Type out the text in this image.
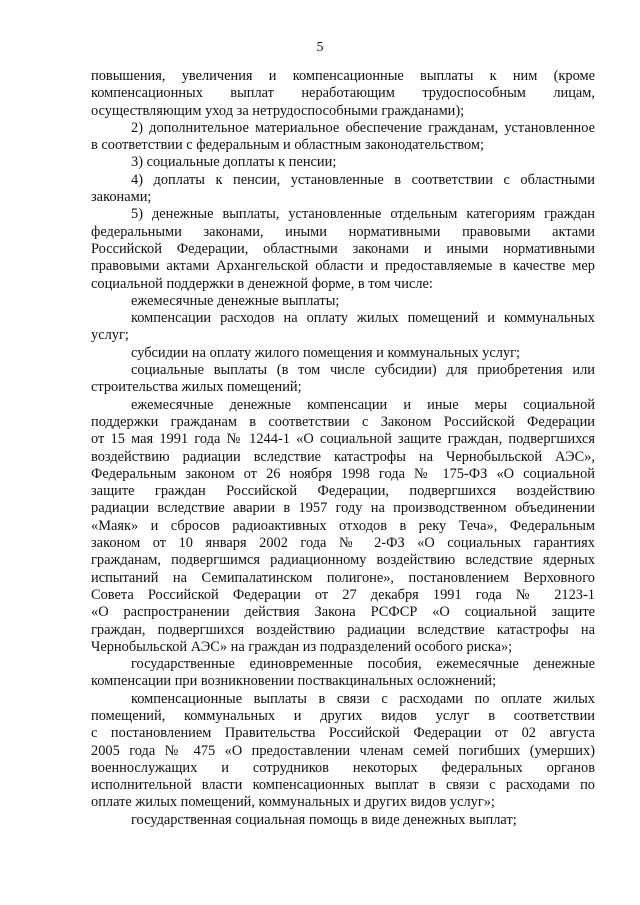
5
повышения, увеличения и компенсационные выплаты к ним (кроме
компенсационных выплат неработающим трудоспособным лицам,
осуществляющим уход за нетрудоспособными гражданами);
2) дополнительное материальное обеспечение гражданам, установленное
в соответствии с федеральным и областным законодательством;
3) социальные доплаты к пенсии;
4) доплаты к пенсии, установленные в соответствии с областными
законами;
5) денежные выплаты, установленные отдельным категориям граждан
федеральными законами, иными нормативными правовыми актами
Российской Федерации, областными законами и иными нормативными
правовыми актами Архангельской области и предоставляемые в качестве мер
социальной поддержки в денежной форме, в том числе:
ежемесячные денежные выплаты;
компенсации расходов на оплату жилых помещений и коммунальных
услуг;
субсидии на оплату жилого помещения и коммунальных услуг;
социальные выплаты (в том числе субсидии) для приобретения или
строительства жилых помещений;
ежемесячные денежные компенсации и иные меры социальной
поддержки гражданам в соответствии с Законом Российской Федерации
от 15 мая 1991 года № 1244-1 «О социальной защите граждан, подвергшихся
воздействию радиации вследствие катастрофы на Чернобыльской АЭС»,
Федеральным законом от 26 ноября 1998 года № 175-ФЗ «О социальной
защите граждан Российской Федерации, подвергшихся воздействию
радиации вследствие аварии в 1957 году на производственном объединении
«Маяк» и сбросов радиоактивных отходов в реку Теча», Федеральным
законом от 10 января 2002 года № 2-ФЗ «О социальных гарантиях
гражданам, подвергшимся радиационному воздействию вследствие ядерных
испытаний на Семипалатинском полигоне», постановлением Верховного
Совета Российской Федерации от 27 декабря 1991 года № 2123-1
«О распространении действия Закона РСФСР «О социальной защите
граждан, подвергшихся воздействию радиации вследствие катастрофы на
Чернобыльской АЭС» на граждан из подразделений особого риска»;
государственные единовременные пособия, ежемесячные денежные
компенсации при возникновении поствакцинальных осложнений;
компенсационные выплаты в связи с расходами по оплате жилых
помещений, коммунальных и других видов услуг в соответствии
с постановлением Правительства Российской Федерации от 02 августа
2005 года № 475 «О предоставлении членам семей погибших (умерших)
военнослужащих и сотрудников некоторых федеральных органов
исполнительной власти компенсационных выплат в связи с расходами по
оплате жилых помещений, коммунальных и других видов услуг»;
государственная социальная помощь в виде денежных выплат;
